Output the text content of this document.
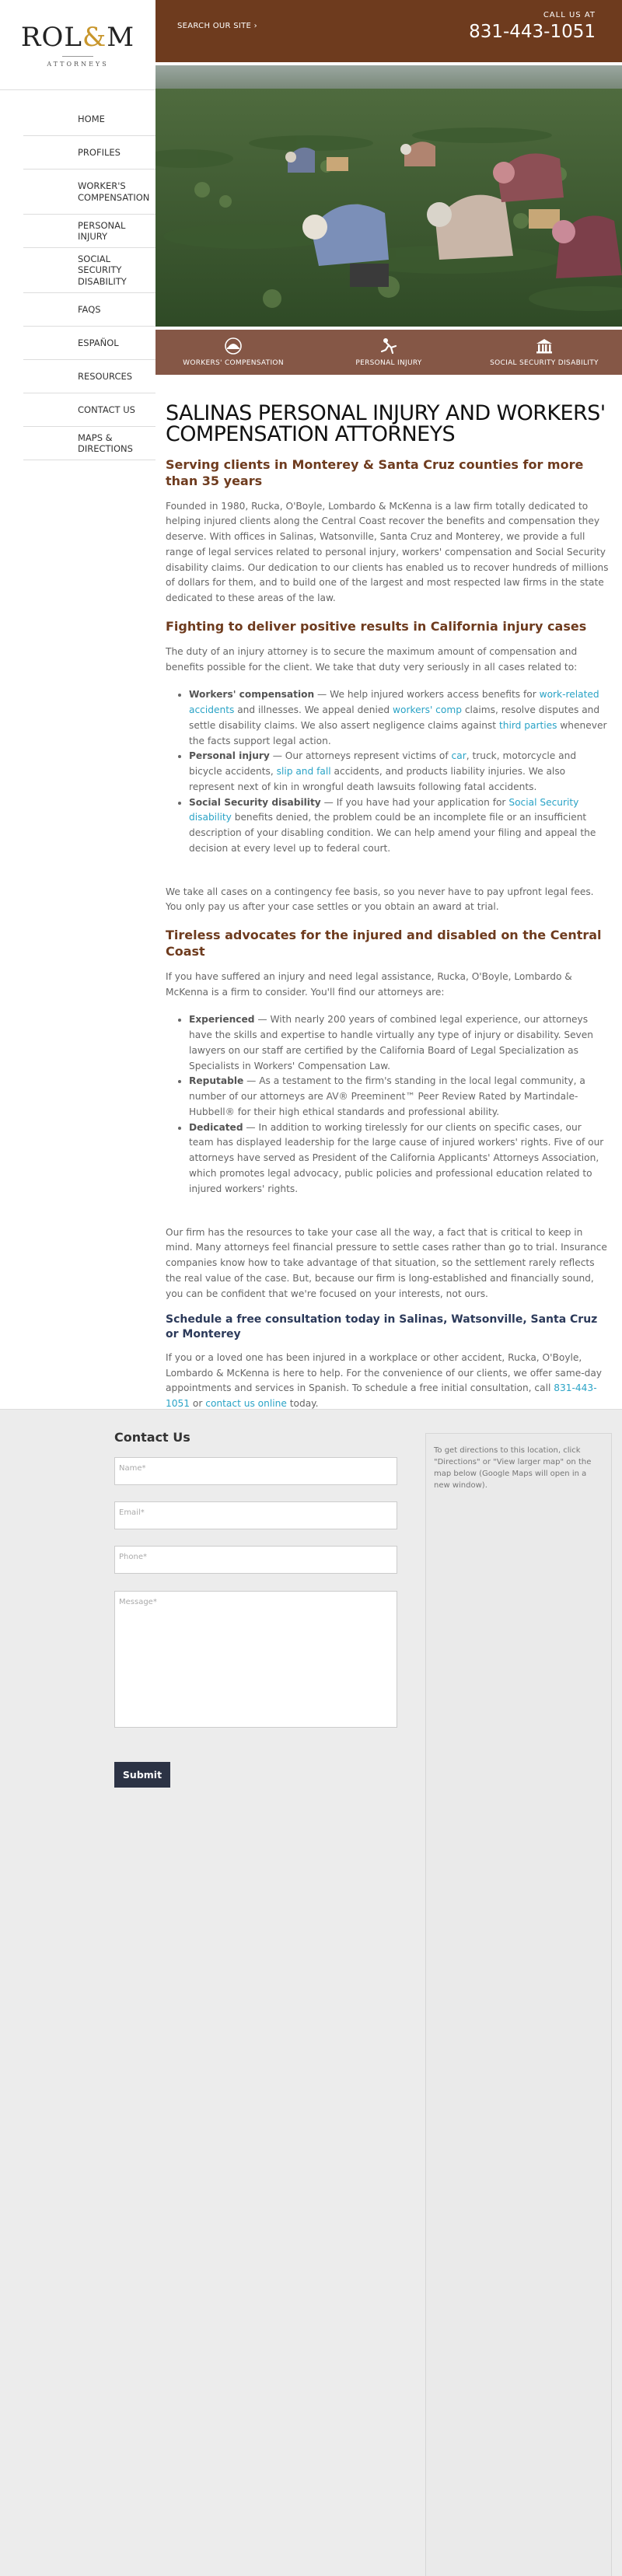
ROL&M
ATTORNEYS
HOME
PROFILES
WORKER'S COMPENSATION
PERSONAL INJURY
SOCIAL SECURITY DISABILITY
FAQS
ESPAÑOL
RESOURCES
CONTACT US
MAPS & DIRECTIONS
SEARCH OUR SITE ›
CALL US AT
831-443-1051
WORKERS' COMPENSATION	PERSONAL INJURY	SOCIAL SECURITY DISABILITY
SALINAS PERSONAL INJURY AND WORKERS' COMPENSATION ATTORNEYS
Serving clients in Monterey & Santa Cruz counties for more than 35 years

Founded in 1980, Rucka, O'Boyle, Lombardo & McKenna is a law firm totally dedicated to helping injured clients along the Central Coast recover the benefits and compensation they deserve. With offices in Salinas, Watsonville, Santa Cruz and Monterey, we provide a full range of legal services related to personal injury, workers' compensation and Social Security disability claims. Our dedication to our clients has enabled us to recover hundreds of millions of dollars for them, and to build one of the largest and most respected law firms in the state dedicated to these areas of the law.

Fighting to deliver positive results in California injury cases

The duty of an injury attorney is to secure the maximum amount of compensation and benefits possible for the client. We take that duty very seriously in all cases related to:

• Workers' compensation — We help injured workers access benefits for work-related accidents and illnesses. We appeal denied workers' comp claims, resolve disputes and settle disability claims. We also assert negligence claims against third parties whenever the facts support legal action.
• Personal injury — Our attorneys represent victims of car, truck, motorcycle and bicycle accidents, slip and fall accidents, and products liability injuries. We also represent next of kin in wrongful death lawsuits following fatal accidents.
• Social Security disability — If you have had your application for Social Security disability benefits denied, the problem could be an incomplete file or an insufficient description of your disabling condition. We can help amend your filing and appeal the decision at every level up to federal court.

We take all cases on a contingency fee basis, so you never have to pay upfront legal fees. You only pay us after your case settles or you obtain an award at trial.

Tireless advocates for the injured and disabled on the Central Coast

If you have suffered an injury and need legal assistance, Rucka, O'Boyle, Lombardo & McKenna is a firm to consider. You'll find our attorneys are:

• Experienced — With nearly 200 years of combined legal experience, our attorneys have the skills and expertise to handle virtually any type of injury or disability. Seven lawyers on our staff are certified by the California Board of Legal Specialization as Specialists in Workers' Compensation Law.
• Reputable — As a testament to the firm's standing in the local legal community, a number of our attorneys are AV® Preeminent™ Peer Review Rated by Martindale-Hubbell® for their high ethical standards and professional ability.
• Dedicated — In addition to working tirelessly for our clients on specific cases, our team has displayed leadership for the large cause of injured workers' rights. Five of our attorneys have served as President of the California Applicants' Attorneys Association, which promotes legal advocacy, public policies and professional education related to injured workers' rights.

Our firm has the resources to take your case all the way, a fact that is critical to keep in mind. Many attorneys feel financial pressure to settle cases rather than go to trial. Insurance companies know how to take advantage of that situation, so the settlement rarely reflects the real value of the case. But, because our firm is long-established and financially sound, you can be confident that we're focused on your interests, not ours.

Schedule a free consultation today in Salinas, Watsonville, Santa Cruz or Monterey

If you or a loved one has been injured in a workplace or other accident, Rucka, O'Boyle, Lombardo & McKenna is here to help. For the convenience of our clients, we offer same-day appointments and services in Spanish. To schedule a free initial consultation, call 831-443-1051 or contact us online today.

Contact Us
Name*
Email*
Phone*
Message*
Submit
To get directions to this location, click "Directions" or "View larger map" on the map below (Google Maps will open in a new window).
